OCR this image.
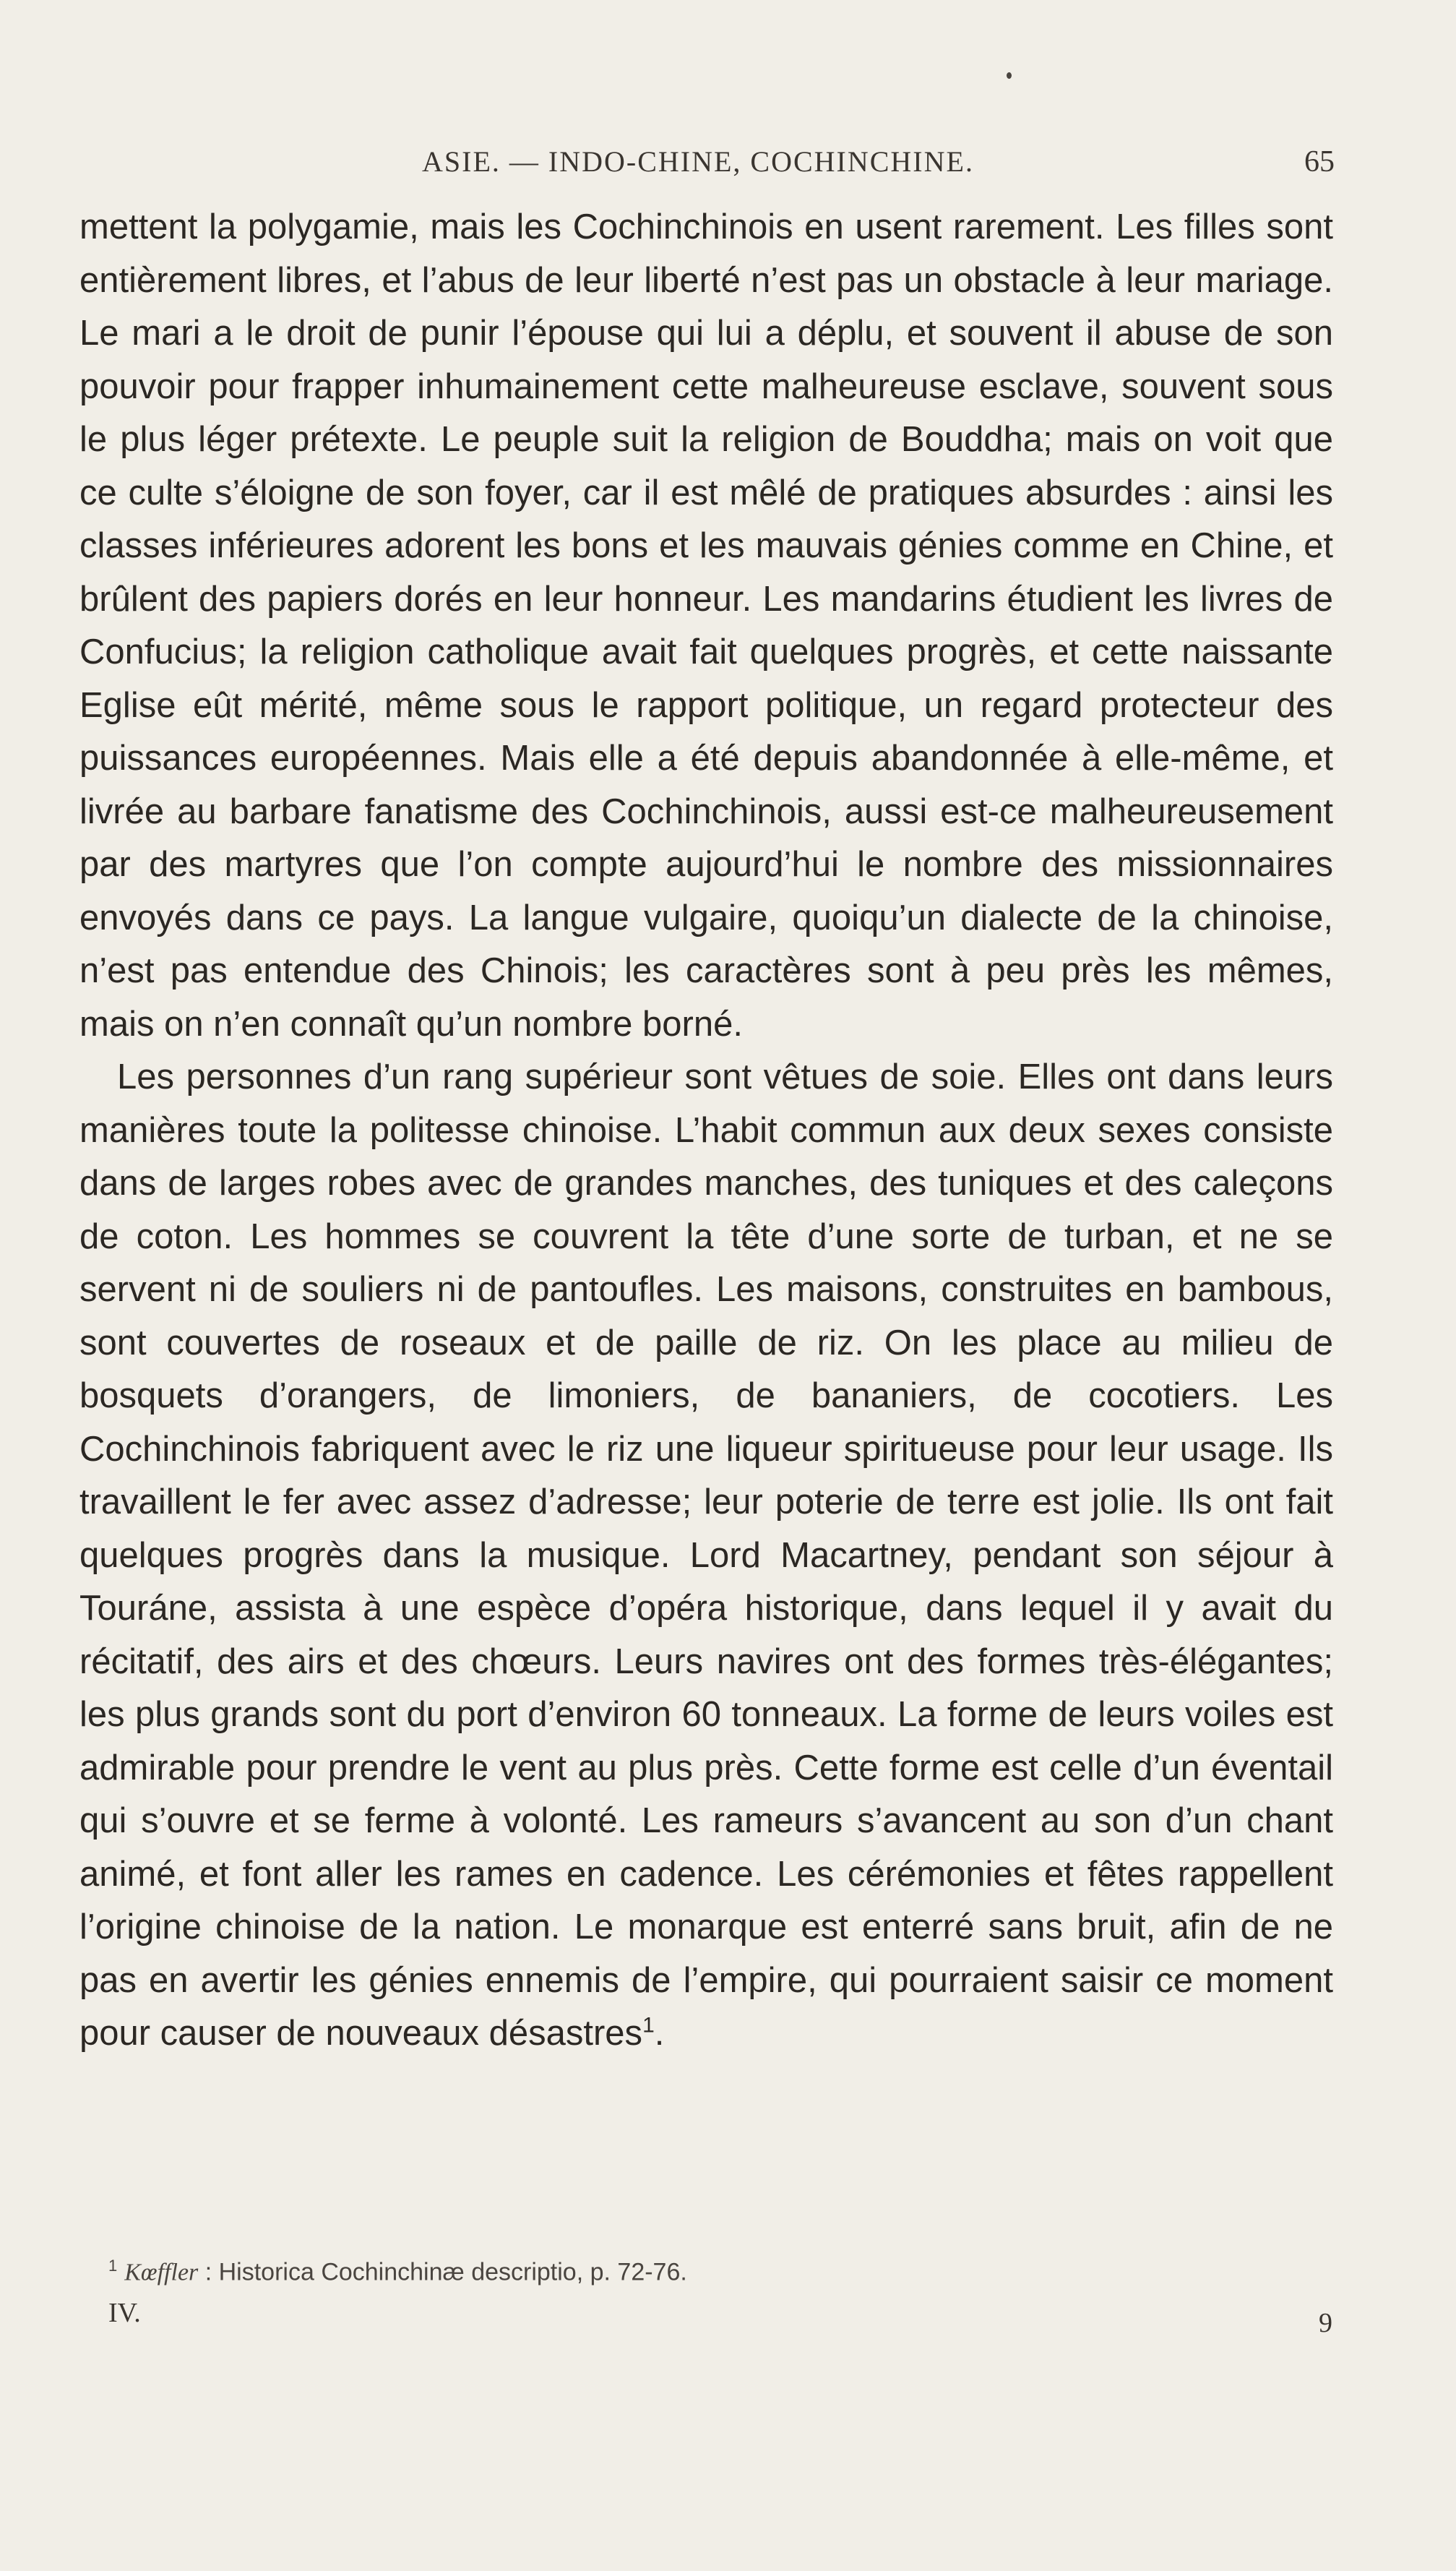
ASIE. — INDO-CHINE, COCHINCHINE.	65

mettent la polygamie, mais les Cochinchinois en usent rarement. Les filles sont entièrement libres, et l’abus de leur liberté n’est pas un obstacle à leur mariage. Le mari a le droit de punir l’épouse qui lui a déplu, et souvent il abuse de son pouvoir pour frapper inhumainement cette malheureuse esclave, souvent sous le plus léger prétexte. Le peuple suit la religion de Bouddha; mais on voit que ce culte s’éloigne de son foyer, car il est mêlé de pratiques absurdes : ainsi les classes inférieures adorent les bons et les mauvais génies comme en Chine, et brûlent des papiers dorés en leur honneur. Les mandarins étudient les livres de Confucius; la religion catholique avait fait quelques progrès, et cette naissante Eglise eût mérité, même sous le rapport politique, un regard protecteur des puissances européennes. Mais elle a été depuis abandonnée à elle-même, et livrée au barbare fanatisme des Cochinchinois, aussi est-ce malheureusement par des martyres que l’on compte aujourd’hui le nombre des missionnaires envoyés dans ce pays. La langue vulgaire, quoiqu’un dialecte de la chinoise, n’est pas entendue des Chinois; les caractères sont à peu près les mêmes, mais on n’en connaît qu’un nombre borné.

Les personnes d’un rang supérieur sont vêtues de soie. Elles ont dans leurs manières toute la politesse chinoise. L’habit commun aux deux sexes consiste dans de larges robes avec de grandes manches, des tuniques et des caleçons de coton. Les hommes se couvrent la tête d’une sorte de turban, et ne se servent ni de souliers ni de pantoufles. Les maisons, construites en bambous, sont couvertes de roseaux et de paille de riz. On les place au milieu de bosquets d’orangers, de limoniers, de bananiers, de cocotiers. Les Cochinchinois fabriquent avec le riz une liqueur spiritueuse pour leur usage. Ils travaillent le fer avec assez d’adresse; leur poterie de terre est jolie. Ils ont fait quelques progrès dans la musique. Lord Macartney, pendant son séjour à Touráne, assista à une espèce d’opéra historique, dans lequel il y avait du récitatif, des airs et des chœurs. Leurs navires ont des formes très-élégantes; les plus grands sont du port d’environ 60 tonneaux. La forme de leurs voiles est admirable pour prendre le vent au plus près. Cette forme est celle d’un éventail qui s’ouvre et se ferme à volonté. Les rameurs s’avancent au son d’un chant animé, et font aller les rames en cadence. Les cérémonies et fêtes rappellent l’origine chinoise de la nation. Le monarque est enterré sans bruit, afin de ne pas en avertir les génies ennemis de l’empire, qui pourraient saisir ce moment pour causer de nouveaux désastres$^1$.

$^1$ Kœffler : Historica Cochinchinæ descriptio, p. 72-76.
IV.	9
